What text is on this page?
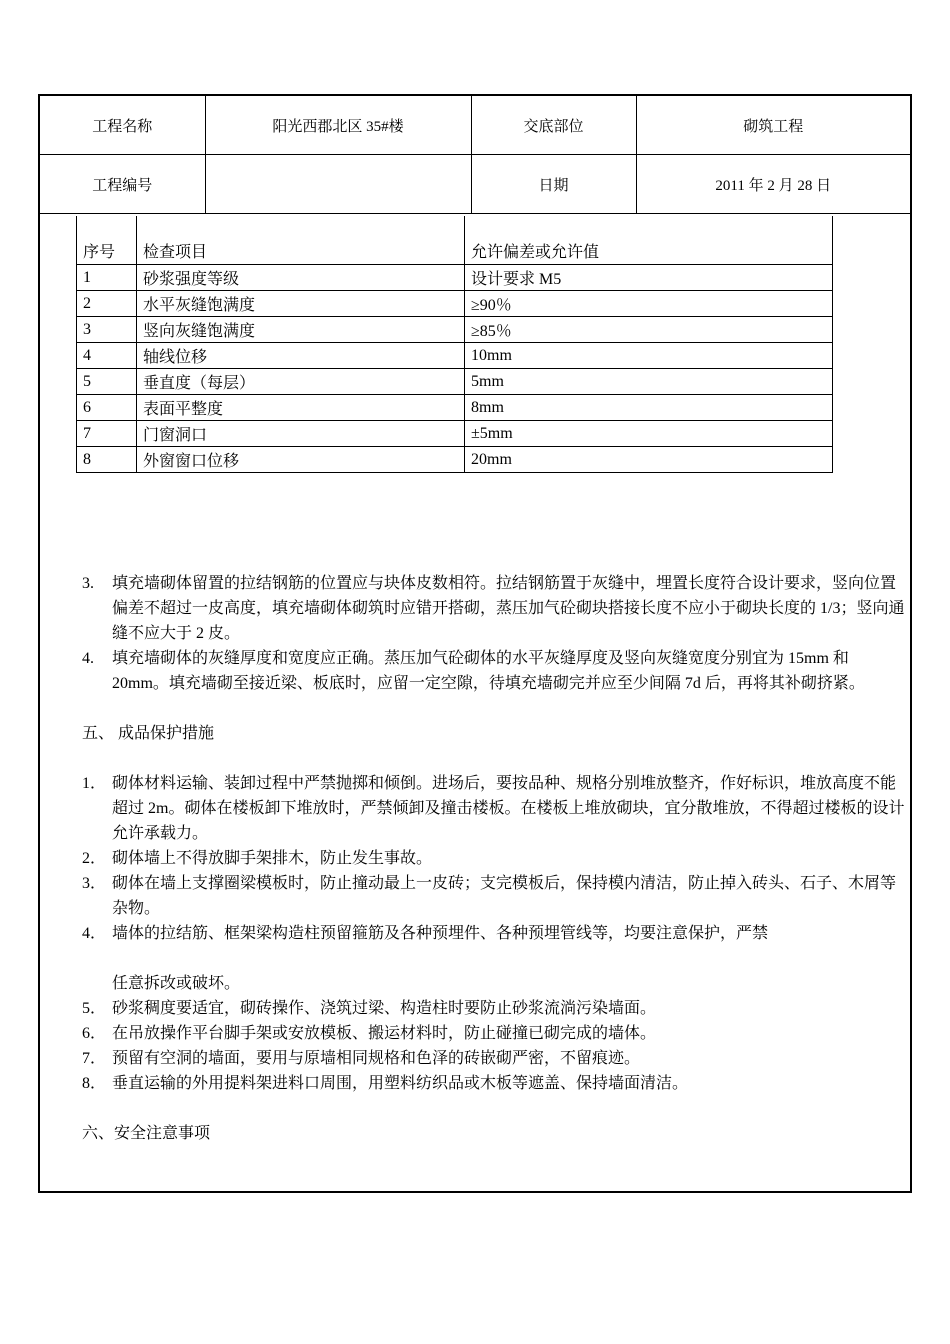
工程名称	阳光西郡北区 35#楼	交底部位	砌筑工程
工程编号		日期	2011 年 2 月 28 日
序号	检查项目	允许偏差或允许值
1	砂浆强度等级	设计要求 M5
2	水平灰缝饱满度	≥90％
3	竖向灰缝饱满度	≥85％
4	轴线位移	10mm
5	垂直度（每层）	5mm
6	表面平整度	8mm
7	门窗洞口	±5mm
8	外窗窗口位移	20mm

3.	填充墙砌体留置的拉结钢筋的位置应与块体皮数相符。拉结钢筋置于灰缝中，埋置长度符合设计要求，竖向位置偏差不超过一皮高度，填充墙砌体砌筑时应错开搭砌，蒸压加气砼砌块搭接长度不应小于砌块长度的 1/3；竖向通缝不应大于 2 皮。

4.	填充墙砌体的灰缝厚度和宽度应正确。蒸压加气砼砌体的水平灰缝厚度及竖向灰缝宽度分别宜为 15mm 和 20mm。填充墙砌至接近梁、板底时，应留一定空隙，待填充墙砌完并应至少间隔 7d 后，再将其补砌挤紧。

五、 成品保护措施

1． 砌体材料运输、装卸过程中严禁抛掷和倾倒。进场后，要按品种、规格分别堆放整齐，作好标识，堆放高度不能超过 2m。砌体在楼板卸下堆放时，严禁倾卸及撞击楼板。在楼板上堆放砌块，宜分散堆放，不得超过楼板的设计允许承载力。

2． 砌体墙上不得放脚手架排木，防止发生事故。

3． 砌体在墙上支撑圈梁模板时，防止撞动最上一皮砖；支完模板后，保持模内清洁，防止掉入砖头、石子、木屑等杂物。

4． 墙体的拉结筋、框架梁构造柱预留箍筋及各种预埋件、各种预埋管线等，均要注意保护，严禁

任意拆改或破坏。

5． 砂浆稠度要适宜，砌砖操作、浇筑过梁、构造柱时要防止砂浆流淌污染墙面。

6． 在吊放操作平台脚手架或安放模板、搬运材料时，防止碰撞已砌完成的墙体。

7． 预留有空洞的墙面，要用与原墙相同规格和色泽的砖嵌砌严密，不留痕迹。

8． 垂直运输的外用提料架进料口周围，用塑料纺织品或木板等遮盖、保持墙面清洁。

六、安全注意事项
